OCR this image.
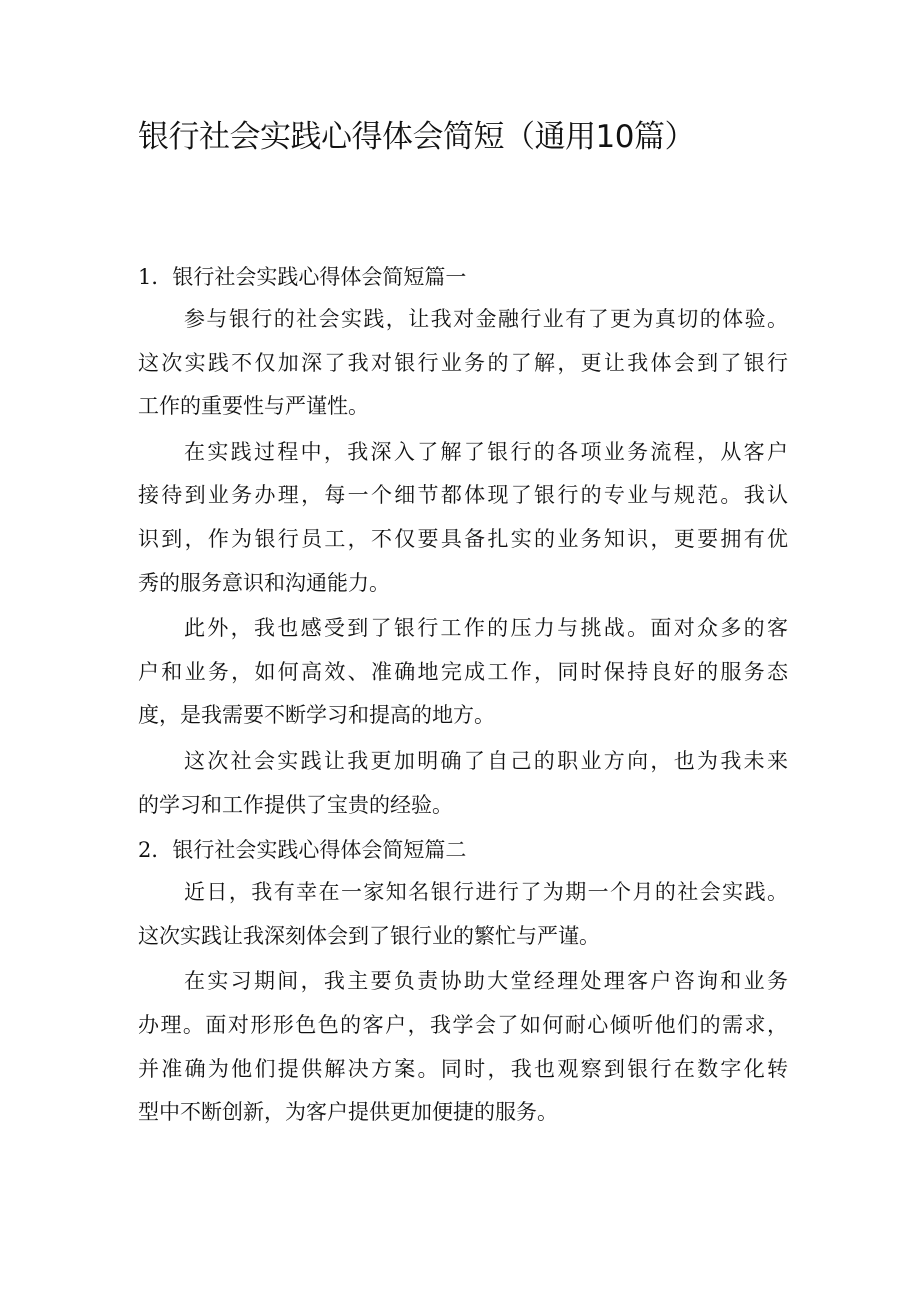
银行社会实践心得体会简短（通用10篇）
1．银行社会实践心得体会简短篇一

参与银行的社会实践，让我对金融行业有了更为真切的体验。
这次实践不仅加深了我对银行业务的了解，更让我体会到了银行
工作的重要性与严谨性。

在实践过程中，我深入了解了银行的各项业务流程，从客户
接待到业务办理，每一个细节都体现了银行的专业与规范。我认
识到，作为银行员工，不仅要具备扎实的业务知识，更要拥有优
秀的服务意识和沟通能力。

此外，我也感受到了银行工作的压力与挑战。面对众多的客
户和业务，如何高效、准确地完成工作，同时保持良好的服务态
度，是我需要不断学习和提高的地方。

这次社会实践让我更加明确了自己的职业方向，也为我未来
的学习和工作提供了宝贵的经验。

2．银行社会实践心得体会简短篇二

近日，我有幸在一家知名银行进行了为期一个月的社会实践。
这次实践让我深刻体会到了银行业的繁忙与严谨。

在实习期间，我主要负责协助大堂经理处理客户咨询和业务
办理。面对形形色色的客户，我学会了如何耐心倾听他们的需求，
并准确为他们提供解决方案。同时，我也观察到银行在数字化转
型中不断创新，为客户提供更加便捷的服务。
